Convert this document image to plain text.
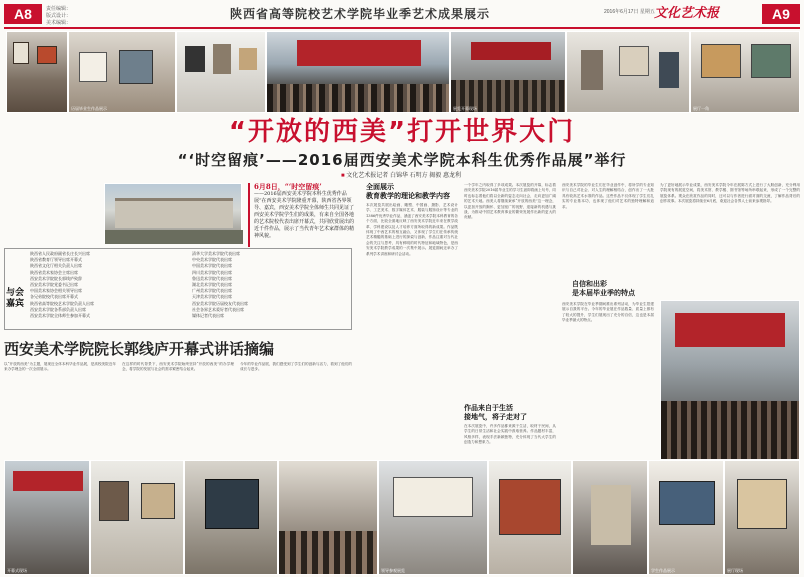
A8	责任编辑：
版式设计：
美术编辑：
陕西省高等院校艺术学院毕业季艺术成果展示	2016年6月17日 星期五 文化艺术报	A9
历届毕业生作品展示	展览开幕现场	展厅一角
“开放的西美”打开世界大门
“‘时空留痕’——2016届西安美术学院本科生优秀作品展”举行
■ 文化艺术报记者 白锦华 石明方 揭毅 惠龙利
6月8日，“‘时空留痕’
——2016届西安美术学院本科生优秀作品展”在西安美术学院隆重开幕，陕西省各界领导、嘉宾，西安美术学院全体师生共同见证了西安美术学院学生们的成果，有来自全国各地的艺术院校代表出席开幕式，共同欣赏展出的近千件作品，展示了当代青年艺术家群体的精神风貌。
全面展示
教育教学的理论和教学内容
本次展览共展出绘画、雕塑、中国画、摄影、艺术设计学、工艺美术、数字媒体艺术、服装与服饰设计等专业的1386件优秀毕业作品，涵盖了西安美术学院本科教育的各个方面，比较全面地反映了西安美术学院近年来在教学改革、学科建设以及人才培养方面所取得的新成果。作品既体现了中西艺术的相互融合，又体现了学生们在传承传统艺术精髓的基础上进行的探索与创新，作品注重对当代社会的关注与思考，具有鲜明的时代特征和地域特色，是西安美术学院教学成果的一次集中展示。展览期间还举办了系列学术讲座和研讨会活动。
一个学年之内取得了多项成果。本次展览的开幕，标志着西安美术学院2016届毕业生的学习生涯即将画上句号，同时也标志着他们将以全新的姿态走向社会，走向更加广阔的艺术天地。西美人将继续秉承“开放的西美”这一理念，以更加开放的胸怀、更加宽广的视野，迎接新的机遇与挑战，为推动中国艺术教育事业的繁荣发展作出新的更大的贡献。
作品来自于生活
接地气，将子走对了
在本次展览中，许多作品都来源于生活，取材于民间，从学生的日常生活和社会实践中汲取营养。作品题材丰富，风格多样，表现手法新颖独特，充分体现了当代大学生的创造力和想象力。
西安美术学院的毕业生们在毕业创作中，将所学的专业知识与自己对社会、对人生的理解相结合，创作出了一大批具有较高艺术水准的作品。这些作品不仅体现了学生们扎实的专业基本功，也体现了他们对艺术的独特理解和追求。
自信和出彩
是本届毕业季的特点
西安美术学院在毕业季期间推出系列活动，为毕业生搭建展示自我的平台。今年的毕业展在作品数量、质量上都有了较大的提升，学生们展现出了充分的自信，这也是本届毕业季最大的特点。
为了更好地展示毕业成果，西安美术学院今年在展陈方式上进行了大胆创新，充分利用学院现有的展览空间，将美术馆、教学楼、图书馆等场所串联起来，形成了一个完整的展览体系。观众在欣赏作品的同时，还可以与作者进行面对面的交流，了解作品背后的创作故事。本次展览将持续至6月底，欢迎社会各界人士前来参观指导。
与会嘉宾
陕西省人民政府副省长庄长兴出席
陕西省教育厅领导出席开幕式
陕西省文化厅相关负责人出席
陕西省美术家协会主席出席
西安美术学院院长郭线庐致辞
西安美术学院党委书记出席
中国美术家协会相关领导出席
各兄弟院校代表出席开幕式
陕西省高等院校艺术学院负责人出席
西安美术学院各系部负责人出席
西安美术学院全体师生参加开幕式
清华大学美术学院代表出席
中央美术学院代表出席
中国美术学院代表出席
四川美术学院代表出席
鲁迅美术学院代表出席
湖北美术学院代表出席
广州美术学院代表出席
天津美术学院代表出席
西安美术学院历届校友代表出席
社会各界艺术爱好者代表出席
媒体记者代表出席
西安美术学院院长郭线庐开幕式讲话摘编
以“开放的西美”为主题，展现近全体本科毕业作品展，是高校美院近年来办学理念的一次全面展示。
在这样的时代背景下，西安美术学院始终坚持“开放的西美”的办学理念，将学院的发展与社会的需求紧密结合起来。
今年的毕业作品展，我们感受到了学生们的创新与活力，看到了他们的成长与进步。
开幕式现场	领导参观展览	学生作品展示	展厅现场
